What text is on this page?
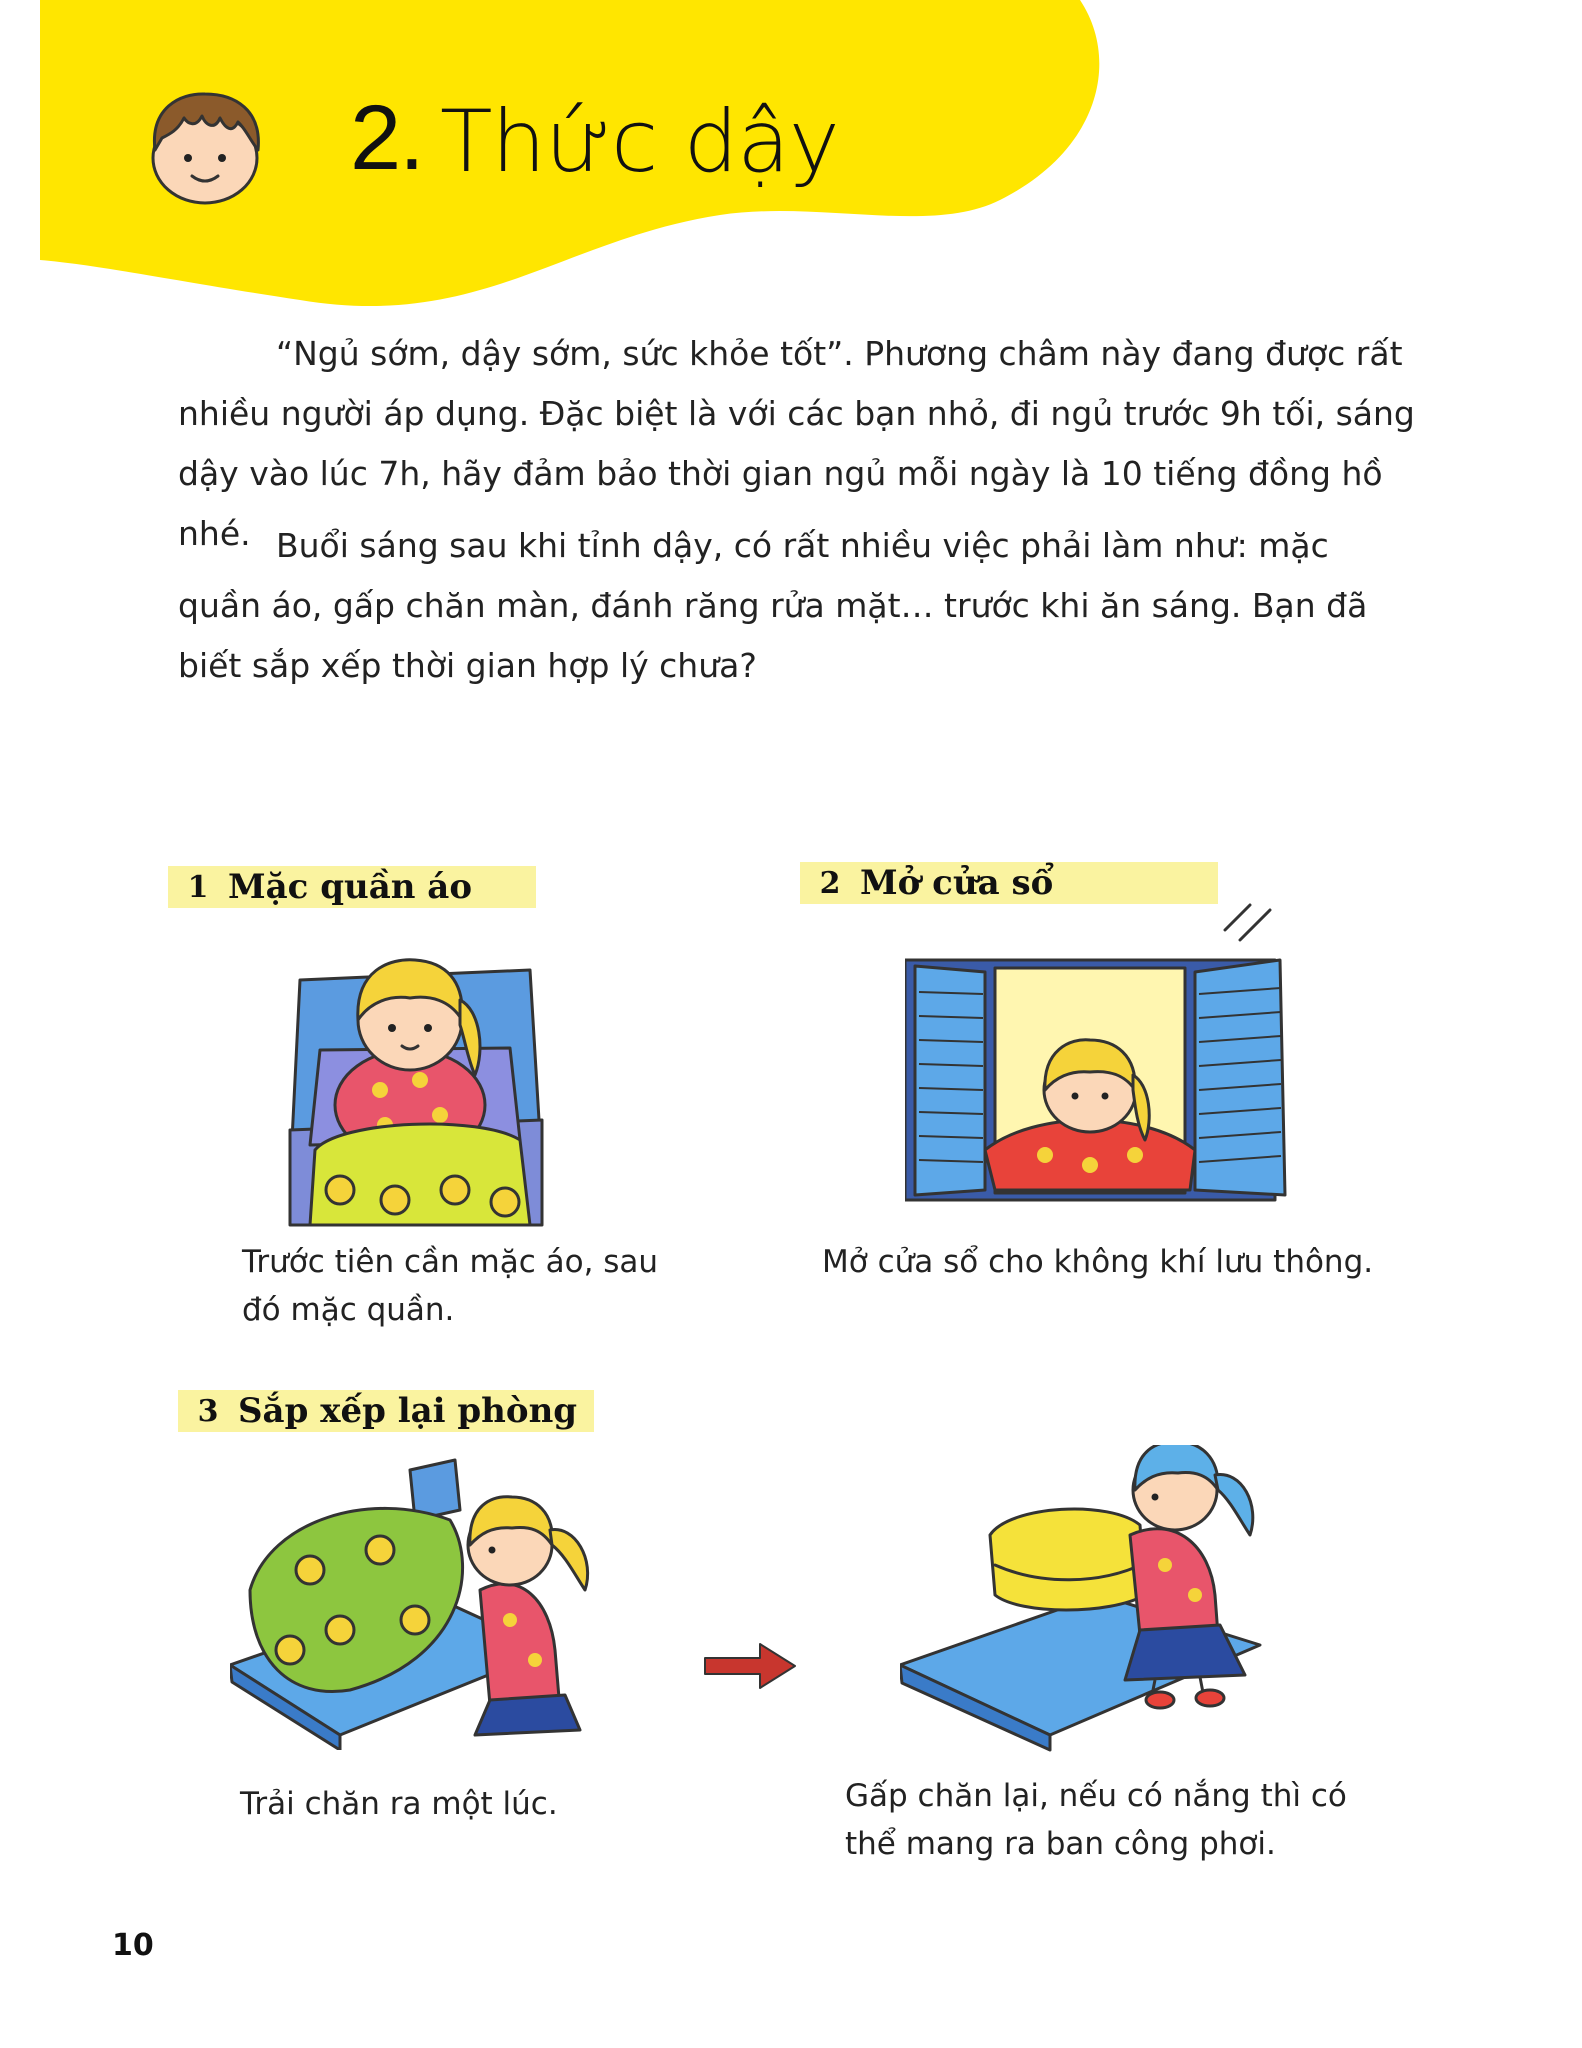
2. Thức dậy

“Ngủ sớm, dậy sớm, sức khỏe tốt”. Phương châm này đang được rất nhiều người áp dụng. Đặc biệt là với các bạn nhỏ, đi ngủ trước 9h tối, sáng dậy vào lúc 7h, hãy đảm bảo thời gian ngủ mỗi ngày là 10 tiếng đồng hồ nhé. Buổi sáng sau khi tỉnh dậy, có rất nhiều việc phải làm như: mặc quần áo, gấp chăn màn, đánh răng rửa mặt… trước khi ăn sáng. Bạn đã biết sắp xếp thời gian hợp lý chưa?

1 Mặc quần áo	2 Mở cửa sổ
3 Sắp xếp lại phòng

Trước tiên cần mặc áo, sau đó mặc quần.

Mở cửa sổ cho không khí lưu thông.

Trải chăn ra một lúc.	Gấp chăn lại, nếu có nắng thì có thể mang ra ban công phơi.

10
